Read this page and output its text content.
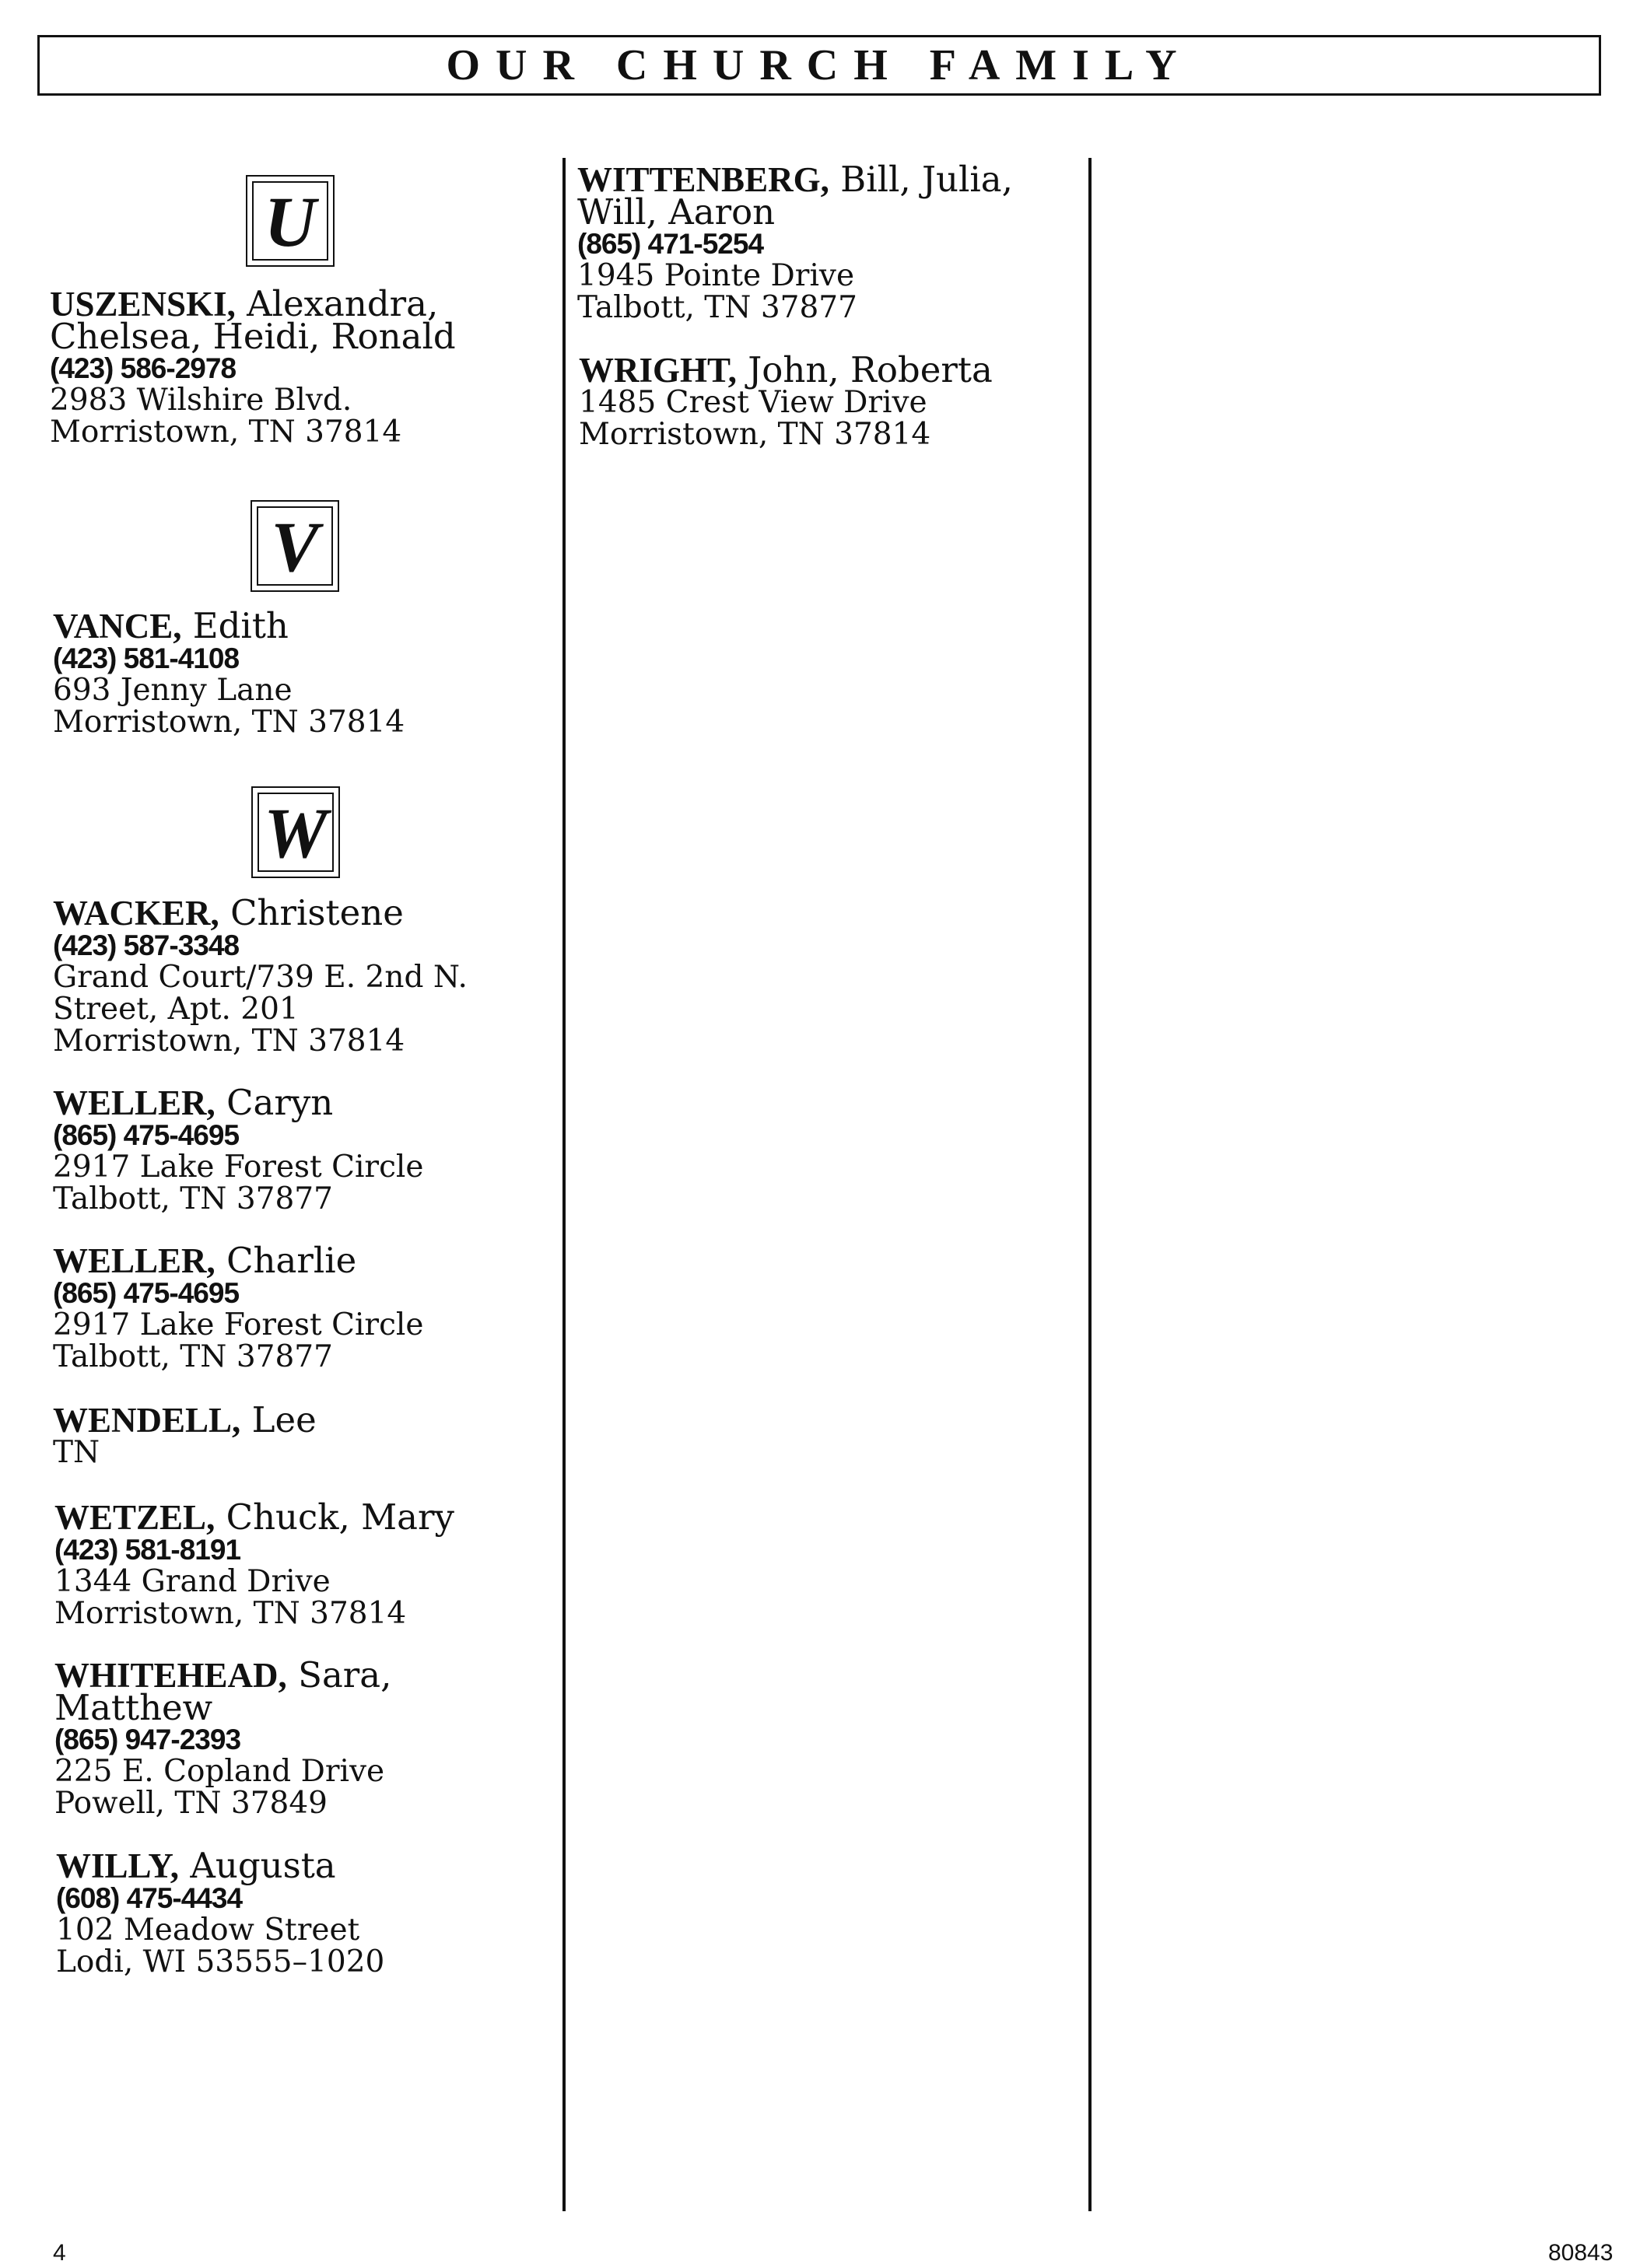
OUR CHURCH FAMILY
U
V
W
USZENSKI, Alexandra,
Chelsea, Heidi, Ronald
(423) 586-2978
2983 Wilshire Blvd.
Morristown, TN 37814
VANCE, Edith
(423) 581-4108
693 Jenny Lane
Morristown, TN 37814
WACKER, Christene
(423) 587-3348
Grand Court/739 E. 2nd N.
Street, Apt. 201
Morristown, TN 37814
WELLER, Caryn
(865) 475-4695
2917 Lake Forest Circle
Talbott, TN 37877
WELLER, Charlie
(865) 475-4695
2917 Lake Forest Circle
Talbott, TN 37877
WENDELL, Lee
TN
WETZEL, Chuck, Mary
(423) 581-8191
1344 Grand Drive
Morristown, TN 37814
WHITEHEAD, Sara,
Matthew
(865) 947-2393
225 E. Copland Drive
Powell, TN 37849
WILLY, Augusta
(608) 475-4434
102 Meadow Street
Lodi, WI 53555–1020
WITTENBERG, Bill, Julia,
Will, Aaron
(865) 471-5254
1945 Pointe Drive
Talbott, TN 37877
WRIGHT, John, Roberta
1485 Crest View Drive
Morristown, TN 37814
4	80843
